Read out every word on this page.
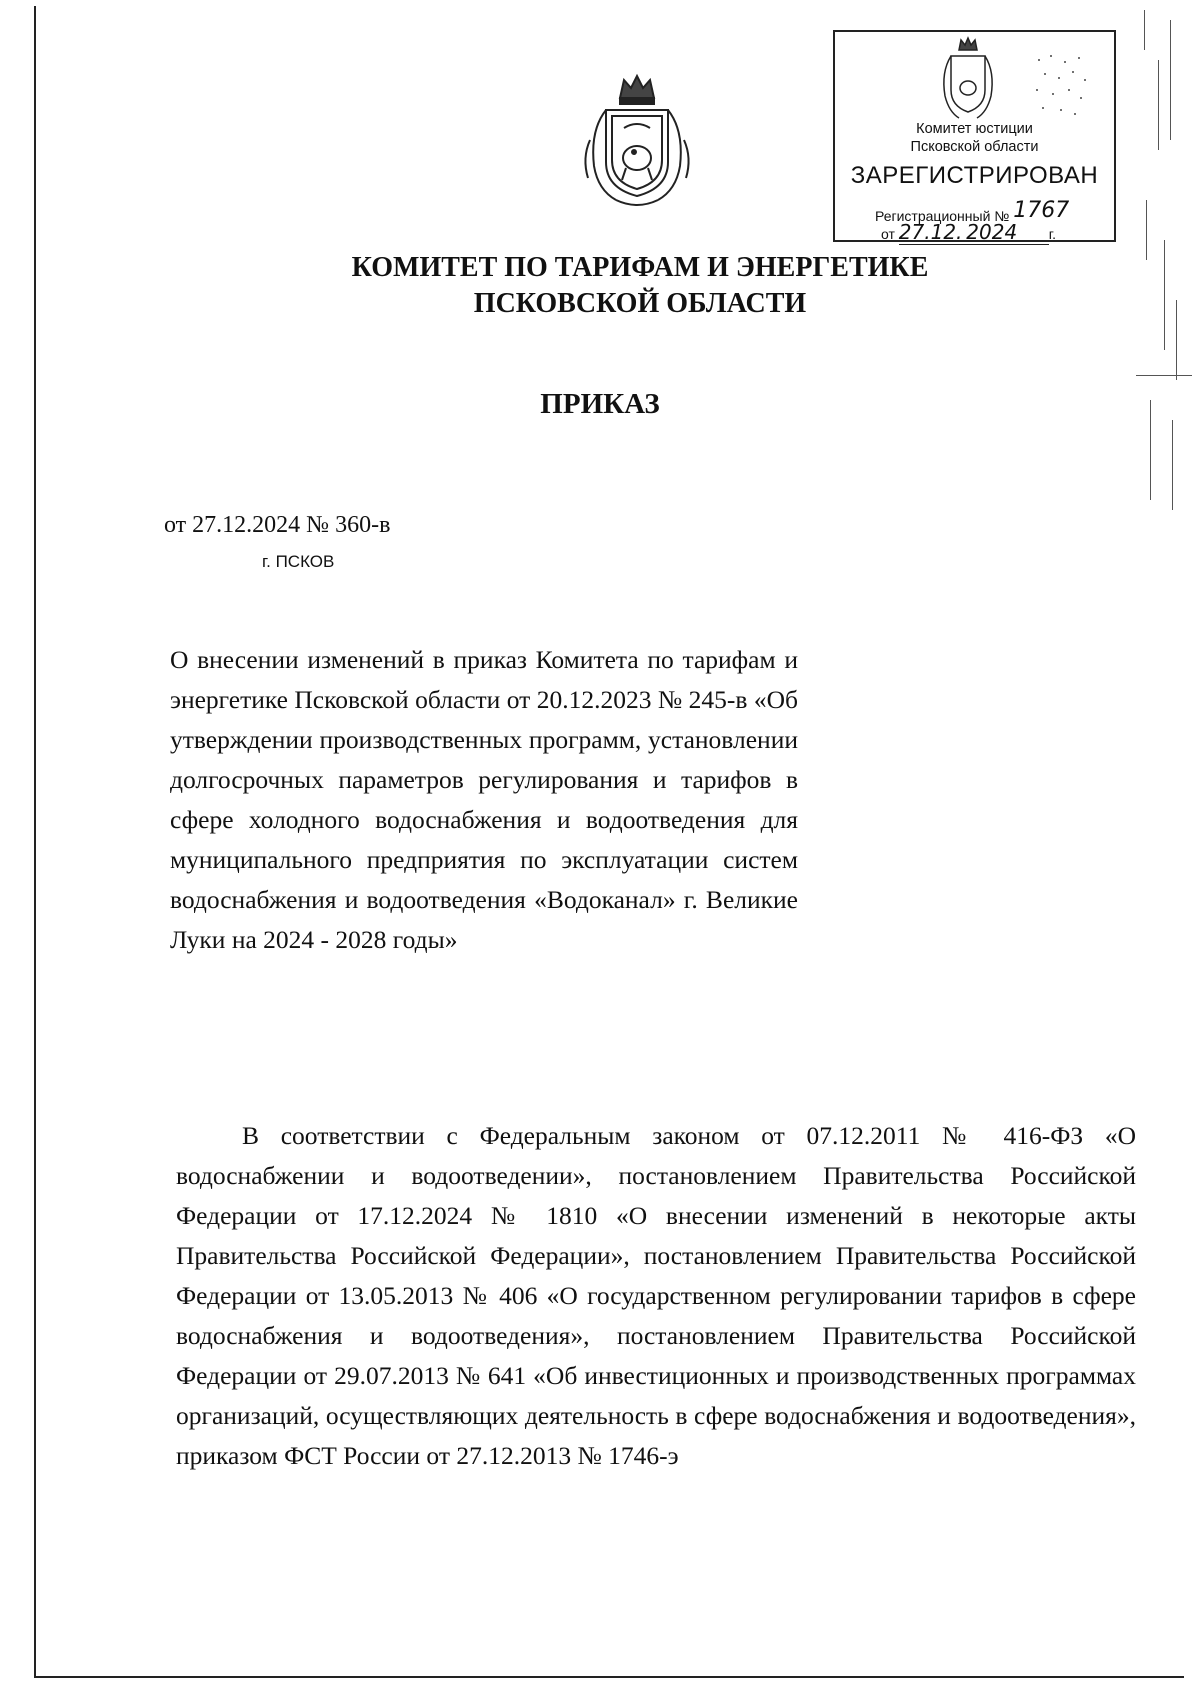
Комитет юстиции
Псковской области
ЗАРЕГИСТРИРОВАН
Регистрационный № 1767
от 27.12. 2024 г.
КОМИТЕТ ПО ТАРИФАМ И ЭНЕРГЕТИКЕ
ПСКОВСКОЙ ОБЛАСТИ
ПРИКАЗ
от 27.12.2024 № 360-в
г. ПСКОВ
О внесении изменений в приказ Комитета по тарифам и энергетике Псковской области от 20.12.2023 № 245-в «Об утверждении производственных программ, установлении долгосрочных параметров регулирования и тарифов в сфере холодного водоснабжения и водоотведения для муниципального предприятия по эксплуатации систем водоснабжения и водоотведения «Водоканал» г. Великие Луки на 2024 - 2028 годы»
В соответствии с Федеральным законом от 07.12.2011 № 416-ФЗ «О водоснабжении и водоотведении», постановлением Правительства Российской Федерации от 17.12.2024 № 1810 «О внесении изменений в некоторые акты Правительства Российской Федерации», постановлением Правительства Российской Федерации от 13.05.2013 № 406 «О государственном регулировании тарифов в сфере водоснабжения и водоотведения», постановлением Правительства Российской Федерации от 29.07.2013 № 641 «Об инвестиционных и производственных программах организаций, осуществляющих деятельность в сфере водоснабжения и водоотведения», приказом ФСТ России от 27.12.2013 № 1746-э
